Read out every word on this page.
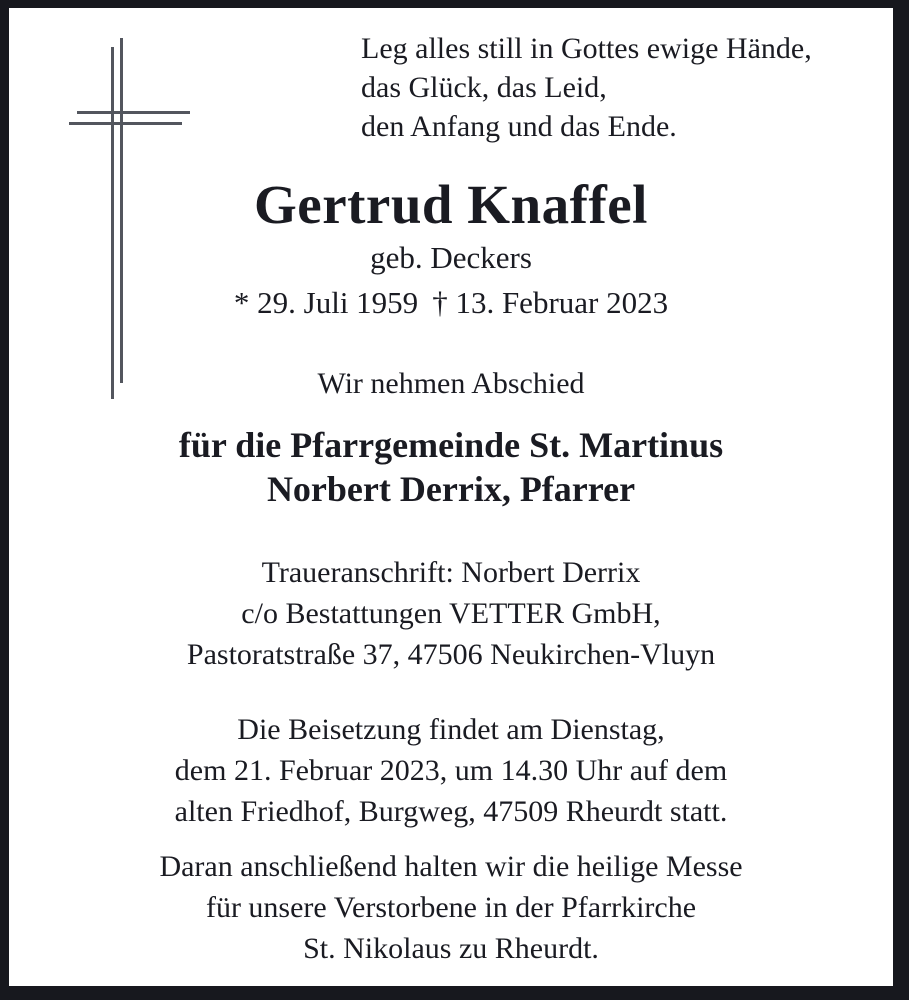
Leg alles still in Gottes ewige Hände,
das Glück, das Leid,
den Anfang und das Ende.
Gertrud Knaffel
geb. Deckers
* 29. Juli 1959 † 13. Februar 2023
Wir nehmen Abschied
für die Pfarrgemeinde St. Martinus
Norbert Derrix, Pfarrer
Traueranschrift: Norbert Derrix
c/o Bestattungen VETTER GmbH,
Pastoratstraße 37, 47506 Neukirchen-Vluyn
Die Beisetzung findet am Dienstag,
dem 21. Februar 2023, um 14.30 Uhr auf dem
alten Friedhof, Burgweg, 47509 Rheurdt statt.
Daran anschließend halten wir die heilige Messe
für unsere Verstorbene in der Pfarrkirche
St. Nikolaus zu Rheurdt.
